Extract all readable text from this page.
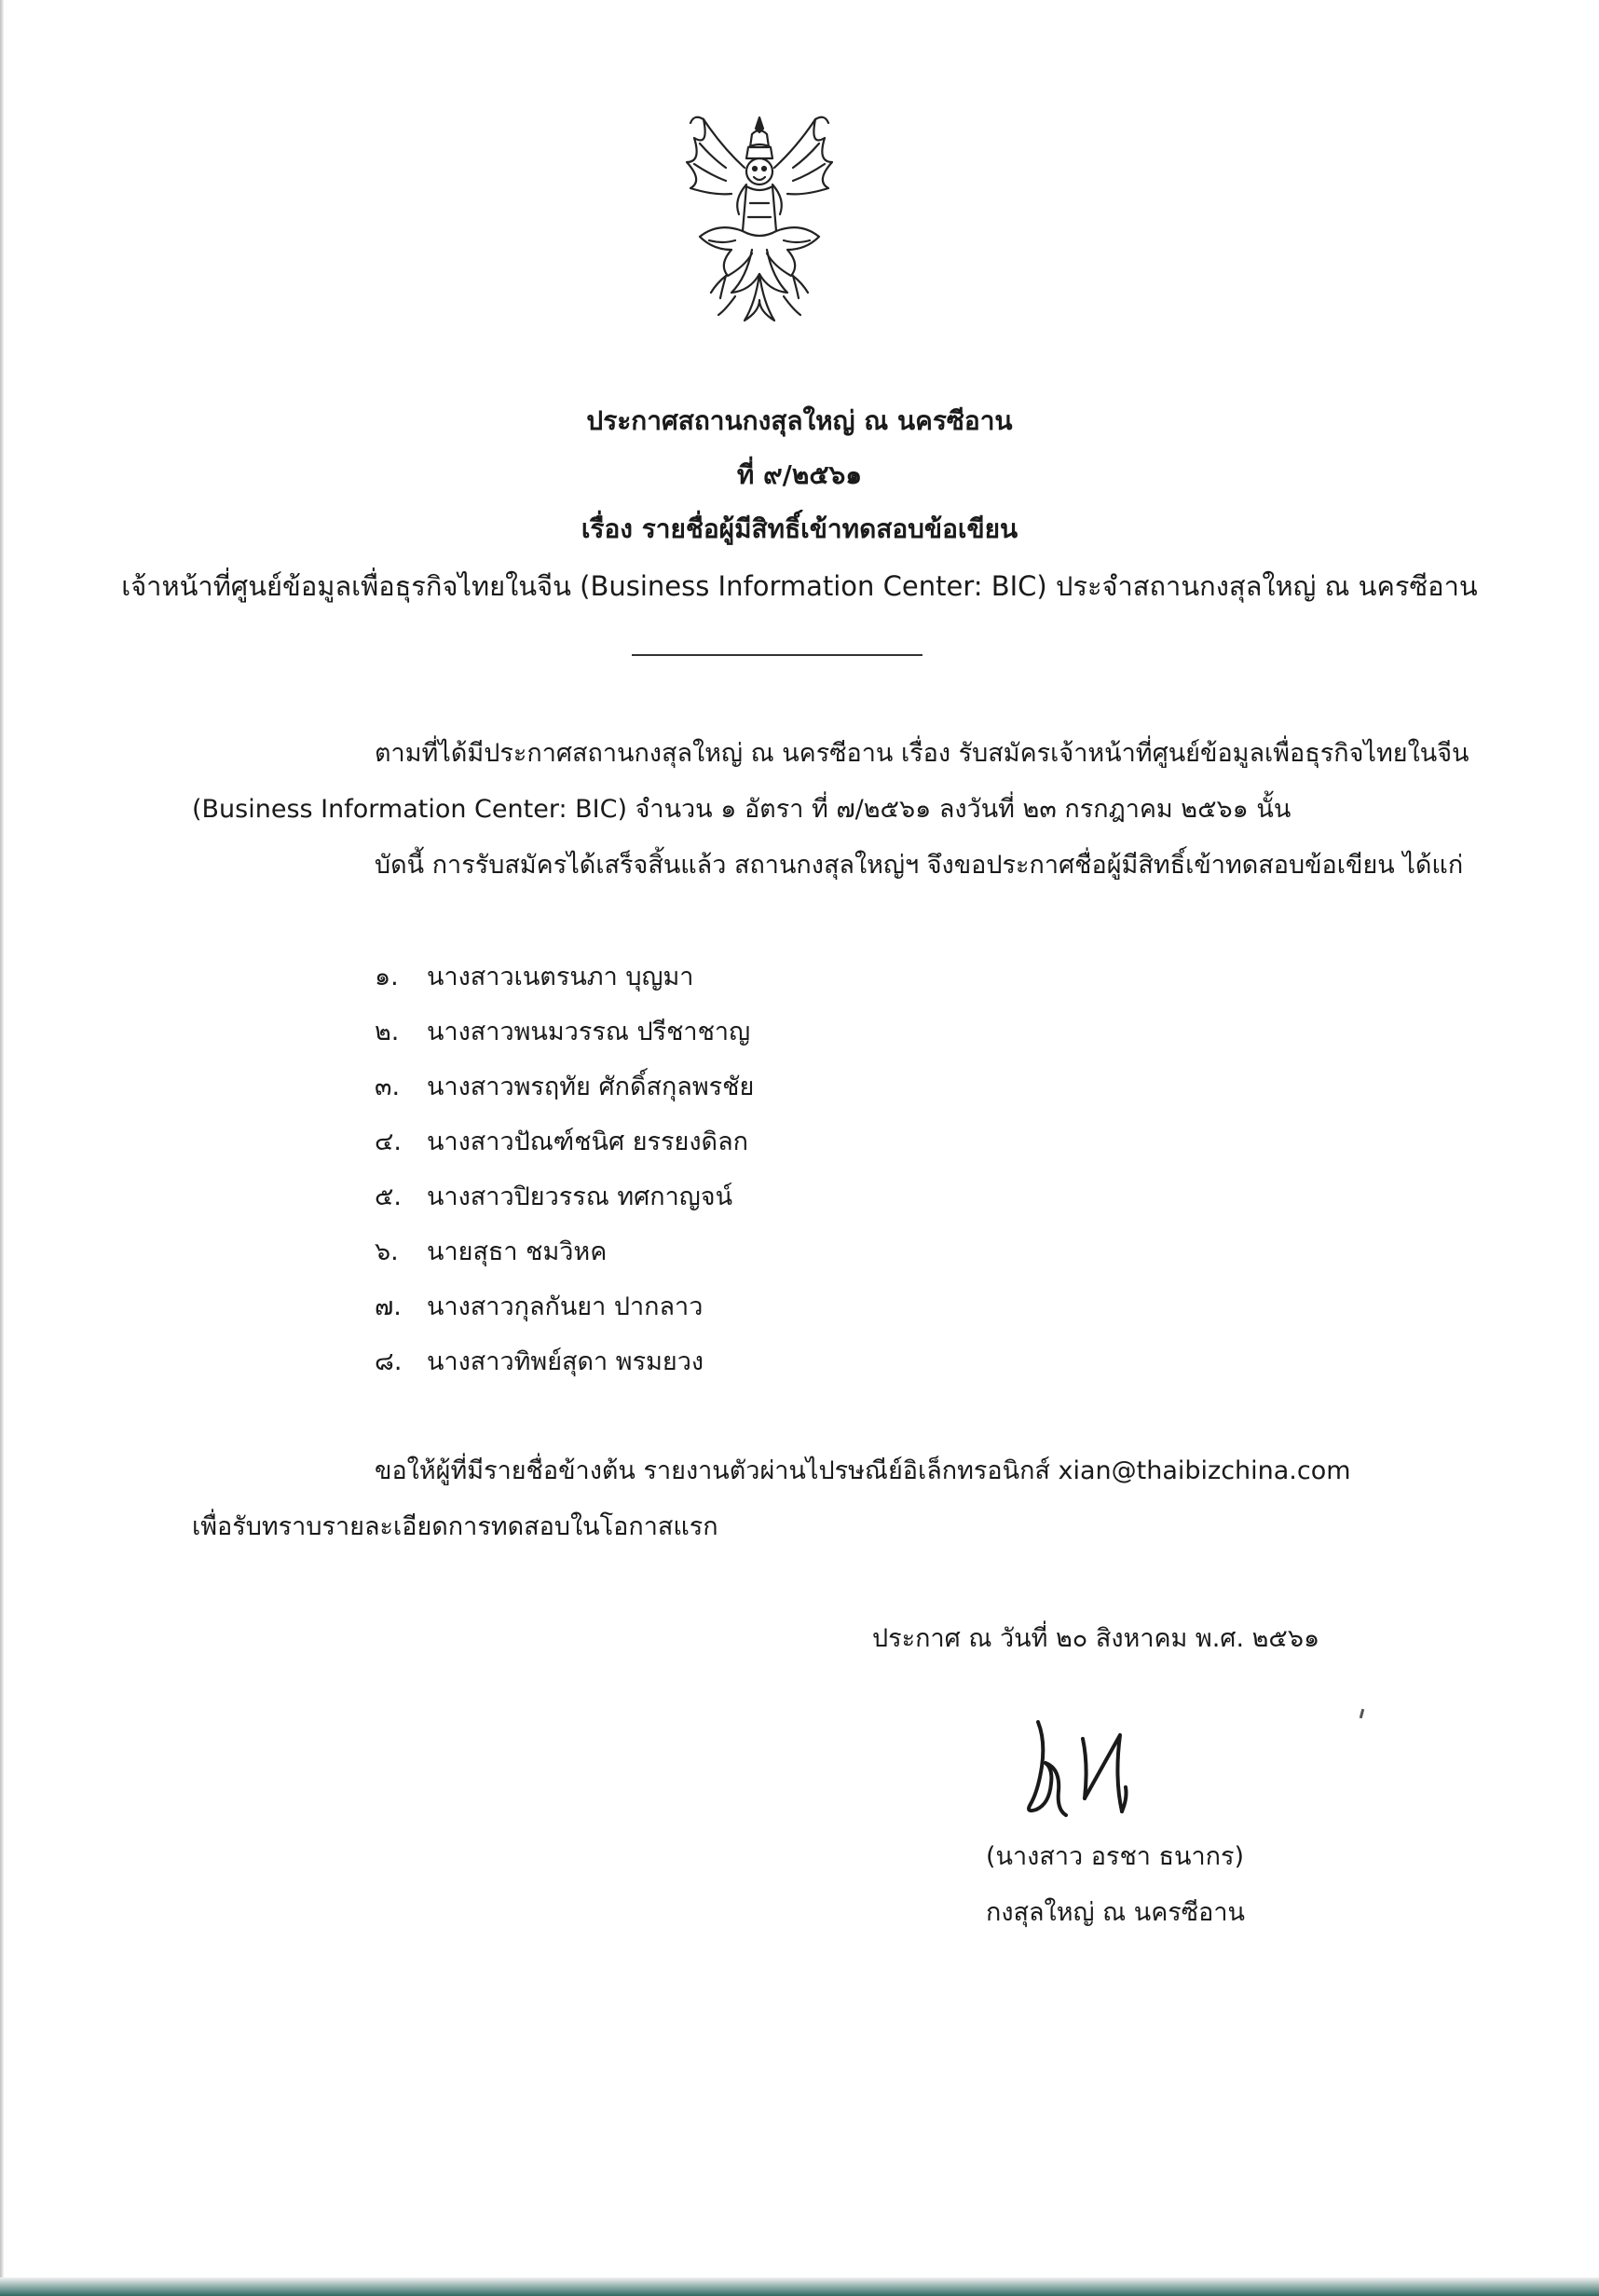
ประกาศสถานกงสุลใหญ่ ณ นครซีอาน
ที่ ๙/๒๕๖๑
เรื่อง รายชื่อผู้มีสิทธิ์เข้าทดสอบข้อเขียน
เจ้าหน้าที่ศูนย์ข้อมูลเพื่อธุรกิจไทยในจีน (Business Information Center: BIC) ประจำสถานกงสุลใหญ่ ณ นครซีอาน
ตามที่ได้มีประกาศสถานกงสุลใหญ่ ณ นครซีอาน เรื่อง รับสมัครเจ้าหน้าที่ศูนย์ข้อมูลเพื่อธุรกิจไทยในจีน
(Business Information Center: BIC) จำนวน ๑ อัตรา ที่ ๗/๒๕๖๑ ลงวันที่ ๒๓ กรกฎาคม ๒๕๖๑ นั้น
บัดนี้ การรับสมัครได้เสร็จสิ้นแล้ว สถานกงสุลใหญ่ฯ จึงขอประกาศชื่อผู้มีสิทธิ์เข้าทดสอบข้อเขียน ได้แก่
๑. นางสาวเนตรนภา บุญมา
๒. นางสาวพนมวรรณ ปรีชาชาญ
๓. นางสาวพรฤทัย ศักดิ์สกุลพรชัย
๔. นางสาวปัณฑ์ชนิศ ยรรยงดิลก
๕. นางสาวปิยวรรณ ทศกาญจน์
๖. นายสุธา ชมวิหค
๗. นางสาวกุลกันยา ปากลาว
๘. นางสาวทิพย์สุดา พรมยวง
ขอให้ผู้ที่มีรายชื่อข้างต้น รายงานตัวผ่านไปรษณีย์อิเล็กทรอนิกส์ xian@thaibizchina.com
เพื่อรับทราบรายละเอียดการทดสอบในโอกาสแรก
ประกาศ ณ วันที่ ๒๐ สิงหาคม พ.ศ. ๒๕๖๑
(นางสาว อรชา ธนากร)
กงสุลใหญ่ ณ นครซีอาน
